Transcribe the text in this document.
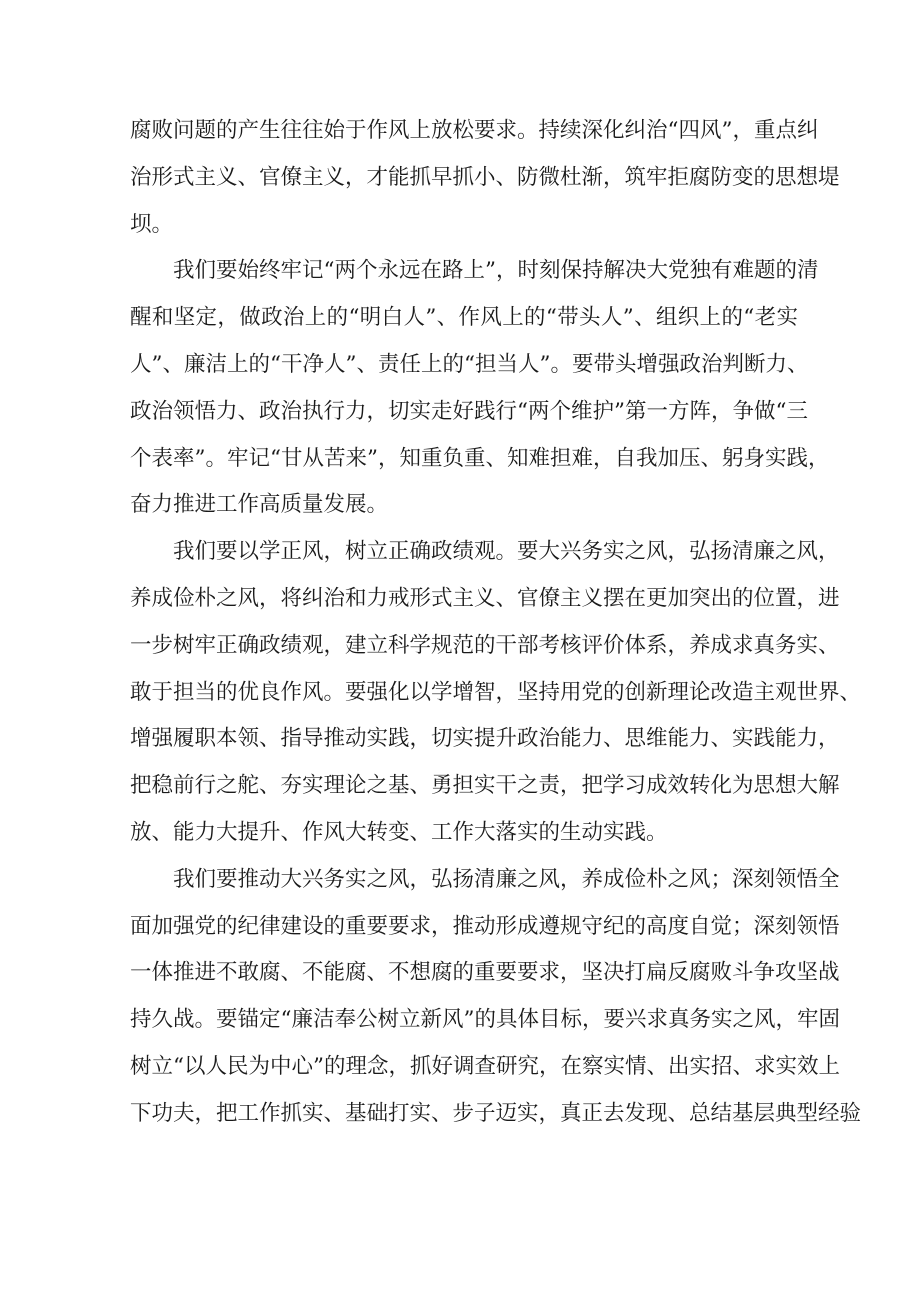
腐败问题的产生往往始于作风上放松要求。持续深化纠治“四风”，重点纠
治形式主义、官僚主义，才能抓早抓小、防微杜渐，筑牢拒腐防变的思想堤
坝。

我们要始终牢记“两个永远在路上”，时刻保持解决大党独有难题的清
醒和坚定，做政治上的“明白人”、作风上的“带头人”、组织上的“老实
人”、廉洁上的“干净人”、责任上的“担当人”。要带头增强政治判断力、
政治领悟力、政治执行力，切实走好践行“两个维护”第一方阵，争做“三
个表率”。牢记“甘从苦来”，知重负重、知难担难，自我加压、躬身实践，
奋力推进工作高质量发展。

我们要以学正风，树立正确政绩观。要大兴务实之风，弘扬清廉之风，
养成俭朴之风，将纠治和力戒形式主义、官僚主义摆在更加突出的位置，进
一步树牢正确政绩观，建立科学规范的干部考核评价体系，养成求真务实、
敢于担当的优良作风。要强化以学增智，坚持用党的创新理论改造主观世界、
增强履职本领、指导推动实践，切实提升政治能力、思维能力、实践能力，
把稳前行之舵、夯实理论之基、勇担实干之责，把学习成效转化为思想大解
放、能力大提升、作风大转变、工作大落实的生动实践。

我们要推动大兴务实之风，弘扬清廉之风，养成俭朴之风；深刻领悟全
面加强党的纪律建设的重要要求，推动形成遵规守纪的高度自觉；深刻领悟
一体推进不敢腐、不能腐、不想腐的重要要求，坚决打扁反腐败斗争攻坚战
持久战。要锚定“廉洁奉公树立新风”的具体目标，要兴求真务实之风，牢固
树立“以人民为中心”的理念，抓好调查研究，在察实情、出实招、求实效上
下功夫，把工作抓实、基础打实、步子迈实，真正去发现、总结基层典型经验
